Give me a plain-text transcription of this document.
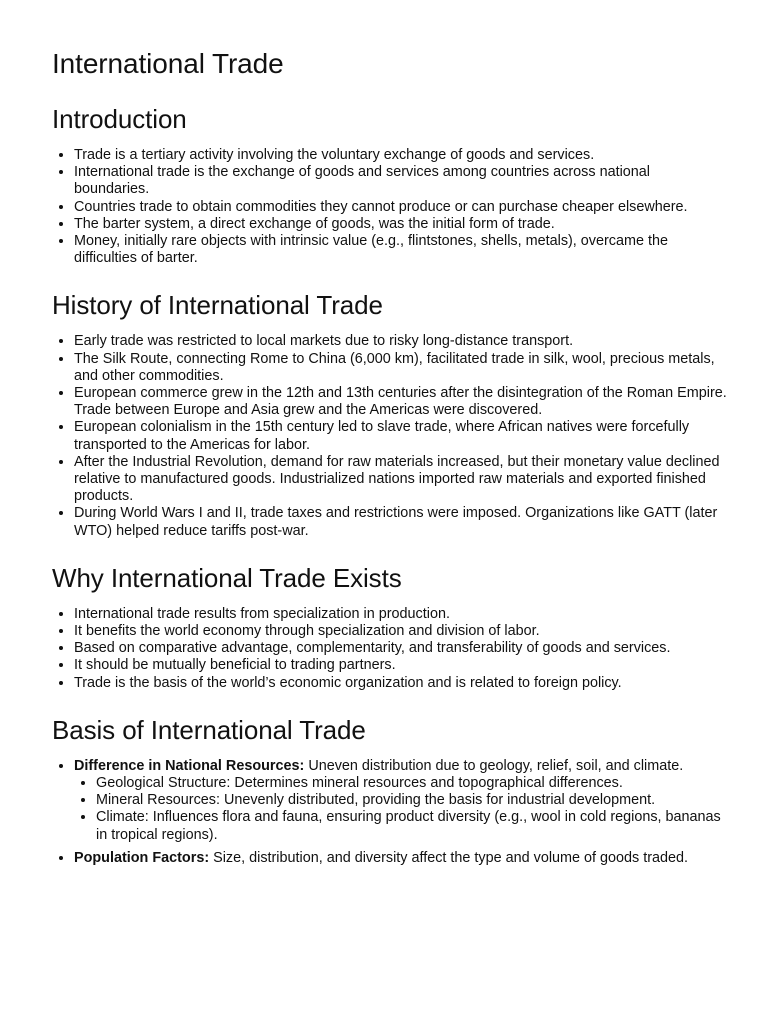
International Trade
Introduction
• Trade is a tertiary activity involving the voluntary exchange of goods and services.
• International trade is the exchange of goods and services among countries across national boundaries.
• Countries trade to obtain commodities they cannot produce or can purchase cheaper elsewhere.
• The barter system, a direct exchange of goods, was the initial form of trade.
• Money, initially rare objects with intrinsic value (e.g., flintstones, shells, metals), overcame the difficulties of barter.
History of International Trade
• Early trade was restricted to local markets due to risky long-distance transport.
• The Silk Route, connecting Rome to China (6,000 km), facilitated trade in silk, wool, precious metals, and other commodities.
• European commerce grew in the 12th and 13th centuries after the disintegration of the Roman Empire. Trade between Europe and Asia grew and the Americas were discovered.
• European colonialism in the 15th century led to slave trade, where African natives were forcefully transported to the Americas for labor.
• After the Industrial Revolution, demand for raw materials increased, but their monetary value declined relative to manufactured goods. Industrialized nations imported raw materials and exported finished products.
• During World Wars I and II, trade taxes and restrictions were imposed. Organizations like GATT (later WTO) helped reduce tariffs post-war.
Why International Trade Exists
• International trade results from specialization in production.
• It benefits the world economy through specialization and division of labor.
• Based on comparative advantage, complementarity, and transferability of goods and services.
• It should be mutually beneficial to trading partners.
• Trade is the basis of the world’s economic organization and is related to foreign policy.
Basis of International Trade
• Difference in National Resources: Uneven distribution due to geology, relief, soil, and climate.
• Geological Structure: Determines mineral resources and topographical differences.
• Mineral Resources: Unevenly distributed, providing the basis for industrial development.
• Climate: Influences flora and fauna, ensuring product diversity (e.g., wool in cold regions, bananas in tropical regions).
• Population Factors: Size, distribution, and diversity affect the type and volume of goods traded.
